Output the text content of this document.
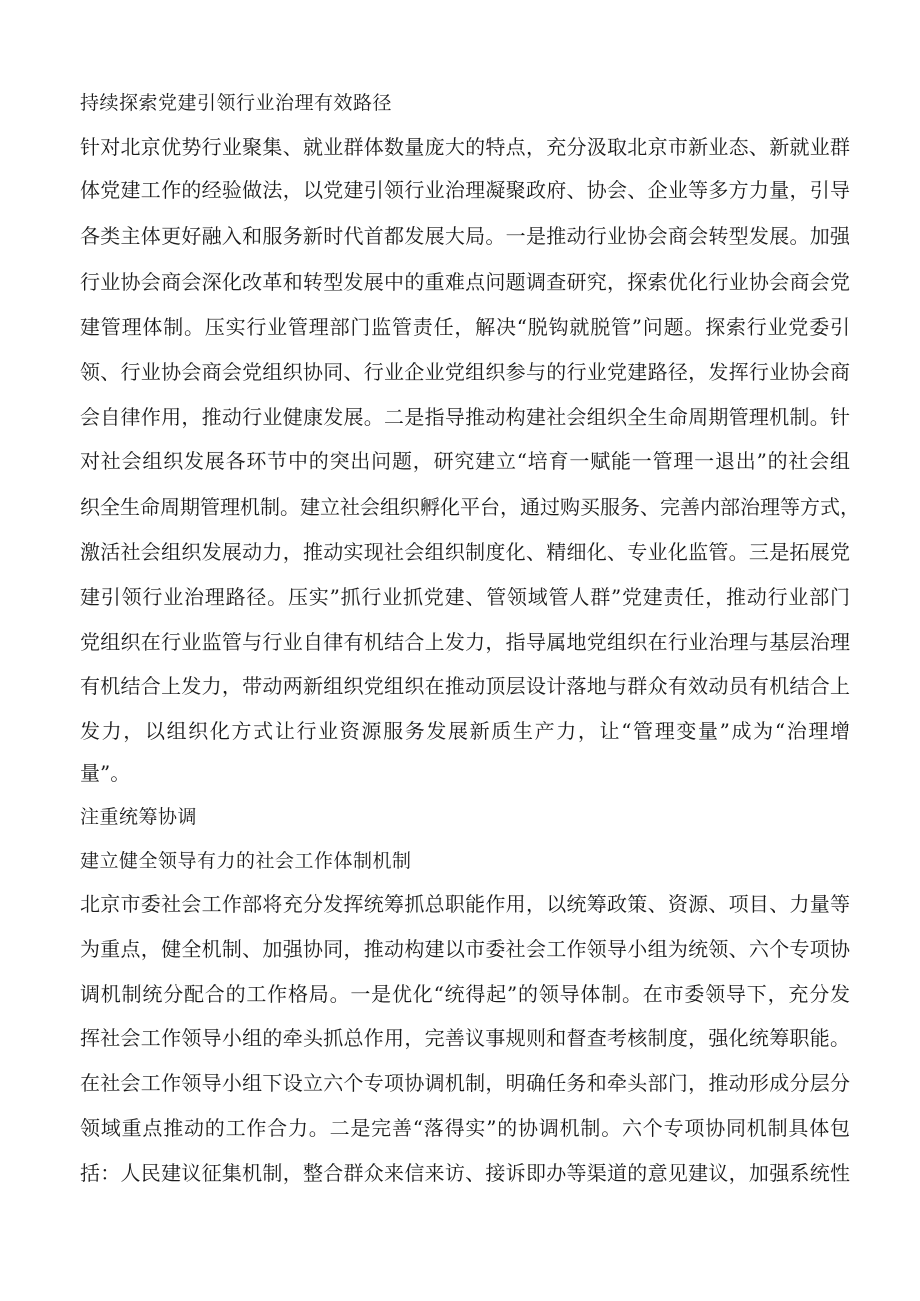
持续探索党建引领行业治理有效路径

针对北京优势行业聚集、就业群体数量庞大的特点，充分汲取北京市新业态、新就业群

体党建工作的经验做法，以党建引领行业治理凝聚政府、协会、企业等多方力量，引导

各类主体更好融入和服务新时代首都发展大局。一是推动行业协会商会转型发展。加强

行业协会商会深化改革和转型发展中的重难点问题调查研究，探索优化行业协会商会党

建管理体制。压实行业管理部门监管责任，解决“脱钩就脱管”问题。探索行业党委引

领、行业协会商会党组织协同、行业企业党组织参与的行业党建路径，发挥行业协会商

会自律作用，推动行业健康发展。二是指导推动构建社会组织全生命周期管理机制。针

对社会组织发展各环节中的突出问题，研究建立“培育一赋能一管理一退出”的社会组

织全生命周期管理机制。建立社会组织孵化平台，通过购买服务、完善内部治理等方式，

激活社会组织发展动力，推动实现社会组织制度化、精细化、专业化监管。三是拓展党

建引领行业治理路径。压实”抓行业抓党建、管领域管人群”党建责任，推动行业部门

党组织在行业监管与行业自律有机结合上发力，指导属地党组织在行业治理与基层治理

有机结合上发力，带动两新组织党组织在推动顶层设计落地与群众有效动员有机结合上

发力，以组织化方式让行业资源服务发展新质生产力，让“管理变量”成为“治理增

量”。

注重统筹协调
建立健全领导有力的社会工作体制机制

北京市委社会工作部将充分发挥统筹抓总职能作用，以统筹政策、资源、项目、力量等

为重点，健全机制、加强协同，推动构建以市委社会工作领导小组为统领、六个专项协

调机制统分配合的工作格局。一是优化“统得起”的领导体制。在市委领导下，充分发

挥社会工作领导小组的牵头抓总作用，完善议事规则和督查考核制度，强化统筹职能。

在社会工作领导小组下设立六个专项协调机制，明确任务和牵头部门，推动形成分层分

领域重点推动的工作合力。二是完善“落得实”的协调机制。六个专项协同机制具体包

括：人民建议征集机制，整合群众来信来访、接诉即办等渠道的意见建议，加强系统性
